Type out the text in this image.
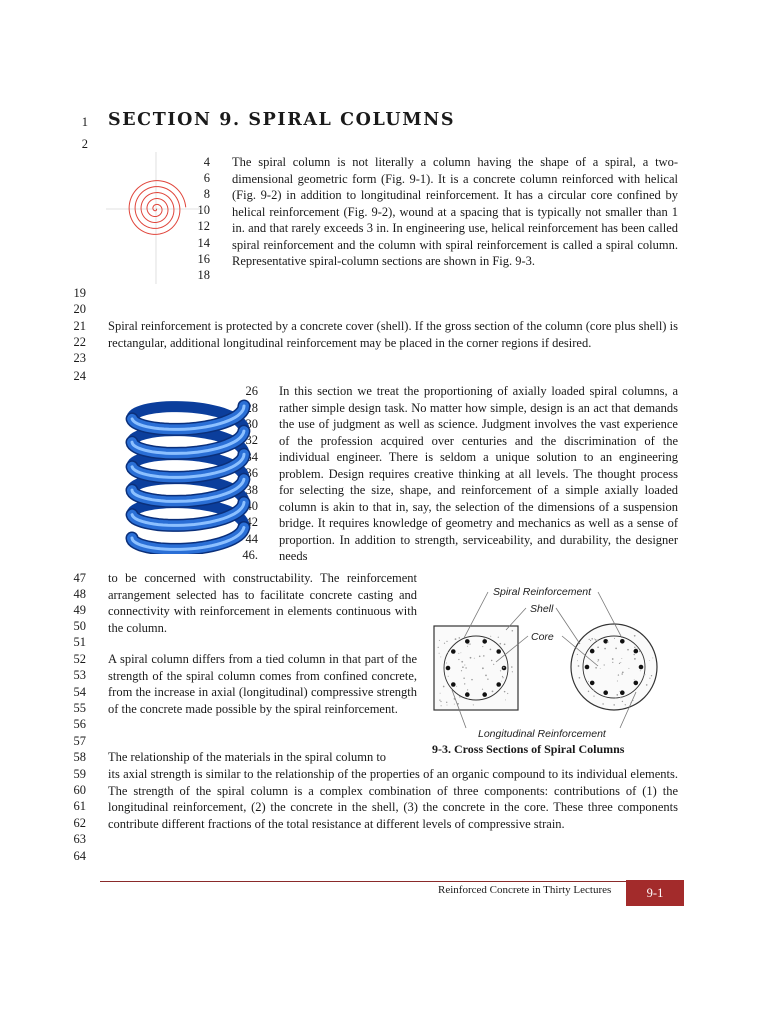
1
2
4
6
8
10
12
14
16
18
19
20
21
22
23
24
26
28
30
32
34
36
38
40
42
44
46.
47
48
49
50
51
52
53
54
55
56
57
58
59
60
61
62
63
64
SECTION 9. SPIRAL COLUMNS
The spiral column is not literally a column having the shape of a spiral, a two-dimensional geometric form (Fig. 9-1). It is a concrete column reinforced with helical (Fig. 9-2) in addition to longitudinal reinforcement. It has a circular core confined by helical reinforcement (Fig. 9-2), wound at a spacing that is typically not smaller than 1 in. and that rarely exceeds 3 in. In engineering use, helical reinforcement has been called spiral reinforcement and the column with spiral reinforcement is called a spiral column. Representative spiral-column sections are shown in Fig. 9-3.
Spiral reinforcement is protected by a concrete cover (shell). If the gross section of the column (core plus shell) is rectangular, additional longitudinal reinforcement may be placed in the corner regions if desired.
In this section we treat the proportioning of axially loaded spiral columns, a rather simple design task. No matter how simple, design is an act that demands the use of judgment as well as science. Judgment involves the vast experience of the profession acquired over centuries and the discrimination of the individual engineer. There is seldom a unique solution to an engineering problem. Design requires creative thinking at all levels. The thought process for selecting the size, shape, and reinforcement of a simple axially loaded column is akin to that in, say, the selection of the dimensions of a suspension bridge. It requires knowledge of geometry and mechanics as well as a sense of proportion. In addition to strength, serviceability, and durability, the designer needs
to be concerned with constructability. The reinforcement arrangement selected has to facilitate concrete casting and connectivity with reinforcement in elements continuous with the column.
A spiral column differs from a tied column in that part of the strength of the spiral column comes from confined concrete, from the increase in axial (longitudinal) compressive strength of the concrete made possible by the spiral reinforcement.
The relationship of the materials in the spiral column to
its axial strength is similar to the relationship of the properties of an organic compound to its individual elements. The strength of the spiral column is a complex combination of three components: contributions of (1) the longitudinal reinforcement, (2) the concrete in the shell, (3) the concrete in the core. These three components contribute different fractions of the total resistance at different levels of compressive strain.
Spiral Reinforcement
Shell
Core
Longitudinal Reinforcement
9-3. Cross Sections of Spiral Columns
Reinforced Concrete in Thirty Lectures	9-1
